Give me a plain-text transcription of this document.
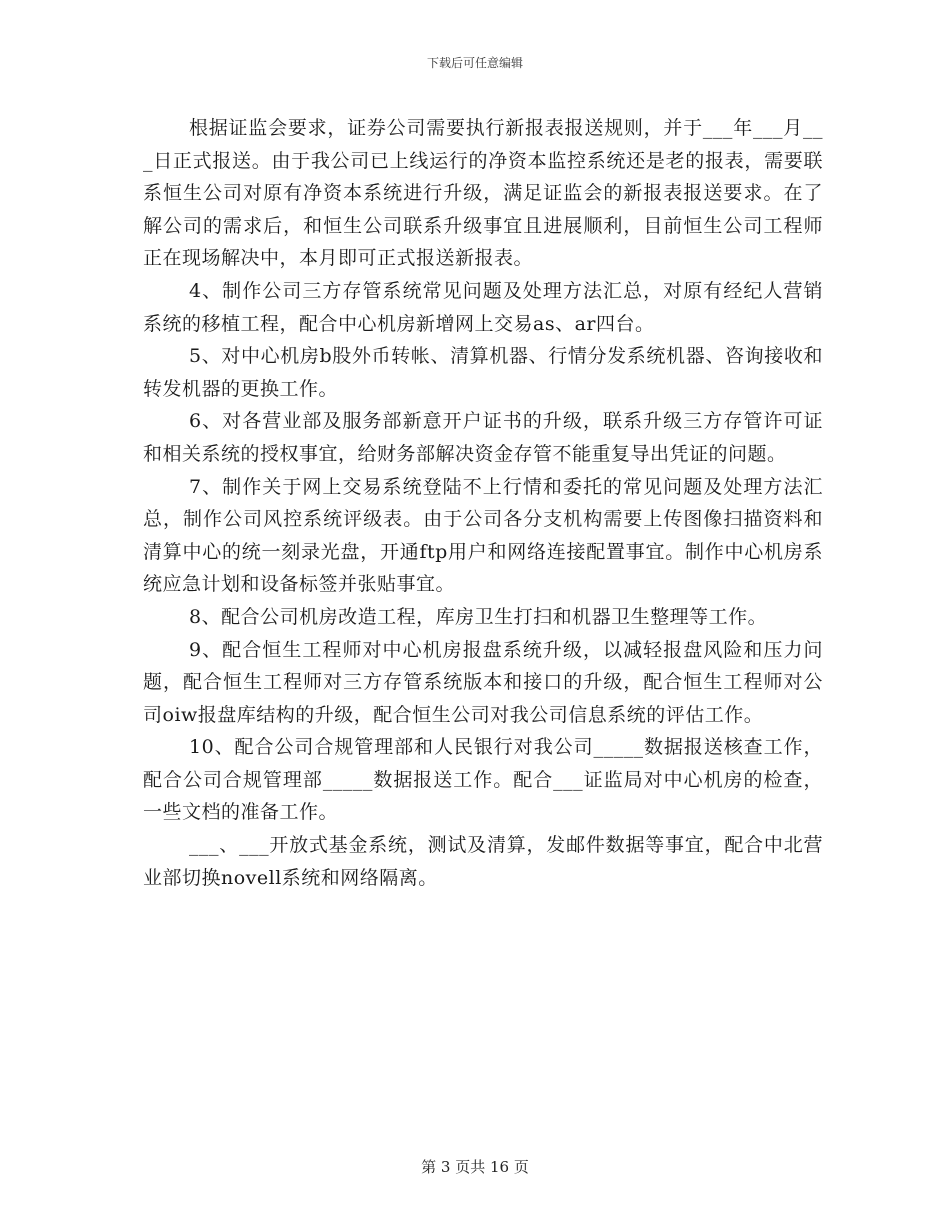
下载后可任意编辑

根据证监会要求，证券公司需要执行新报表报送规则，并于___年___月___日正式报送。由于我公司已上线运行的净资本监控系统还是老的报表，需要联系恒生公司对原有净资本系统进行升级，满足证监会的新报表报送要求。在了解公司的需求后，和恒生公司联系升级事宜且进展顺利，目前恒生公司工程师正在现场解决中，本月即可正式报送新报表。

4、制作公司三方存管系统常见问题及处理方法汇总，对原有经纪人营销系统的移植工程，配合中心机房新增网上交易as、ar四台。

5、对中心机房b股外币转帐、清算机器、行情分发系统机器、咨询接收和转发机器的更换工作。

6、对各营业部及服务部新意开户证书的升级，联系升级三方存管许可证和相关系统的授权事宜，给财务部解决资金存管不能重复导出凭证的问题。

7、制作关于网上交易系统登陆不上行情和委托的常见问题及处理方法汇总，制作公司风控系统评级表。由于公司各分支机构需要上传图像扫描资料和清算中心的统一刻录光盘，开通ftp用户和网络连接配置事宜。制作中心机房系统应急计划和设备标签并张贴事宜。

8、配合公司机房改造工程，库房卫生打扫和机器卫生整理等工作。

9、配合恒生工程师对中心机房报盘系统升级，以减轻报盘风险和压力问题，配合恒生工程师对三方存管系统版本和接口的升级，配合恒生工程师对公司oiw报盘库结构的升级，配合恒生公司对我公司信息系统的评估工作。

10、配合公司合规管理部和人民银行对我公司_____数据报送核查工作，配合公司合规管理部_____数据报送工作。配合___证监局对中心机房的检查，一些文档的准备工作。

___、___开放式基金系统，测试及清算，发邮件数据等事宜，配合中北营业部切换novell系统和网络隔离。

第 3 页共 16 页
